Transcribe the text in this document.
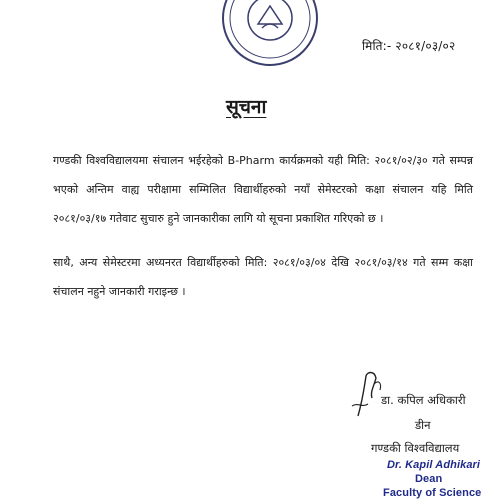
मिति:- २०८१/०३/०२
सूचना
गण्डकी विश्वविद्यालयमा संचालन भईरहेको B-Pharm कार्यक्रमको यही मिति: २०८१/०२/३० गते सम्पन्न भएको अन्तिम वाह्य परीक्षामा सम्मिलित विद्यार्थीहरुको नयाँ सेमेस्टरको कक्षा संचालन यहि मिति २०८१/०३/१७ गतेवाट सुचारु हुने जानकारीका लागि यो सूचना प्रकाशित गरिएको छ ।
साथै, अन्य सेमेस्टरमा अध्यनरत विद्यार्थीहरुको मिति: २०८१/०३/०४ देखि २०८१/०३/१४ गते सम्म कक्षा संचालन नहुने जानकारी गराइन्छ ।
डा. कपिल अधिकारी
डीन
गण्डकी विश्वविद्यालय
Dr. Kapil Adhikari
Dean
Faculty of Science
